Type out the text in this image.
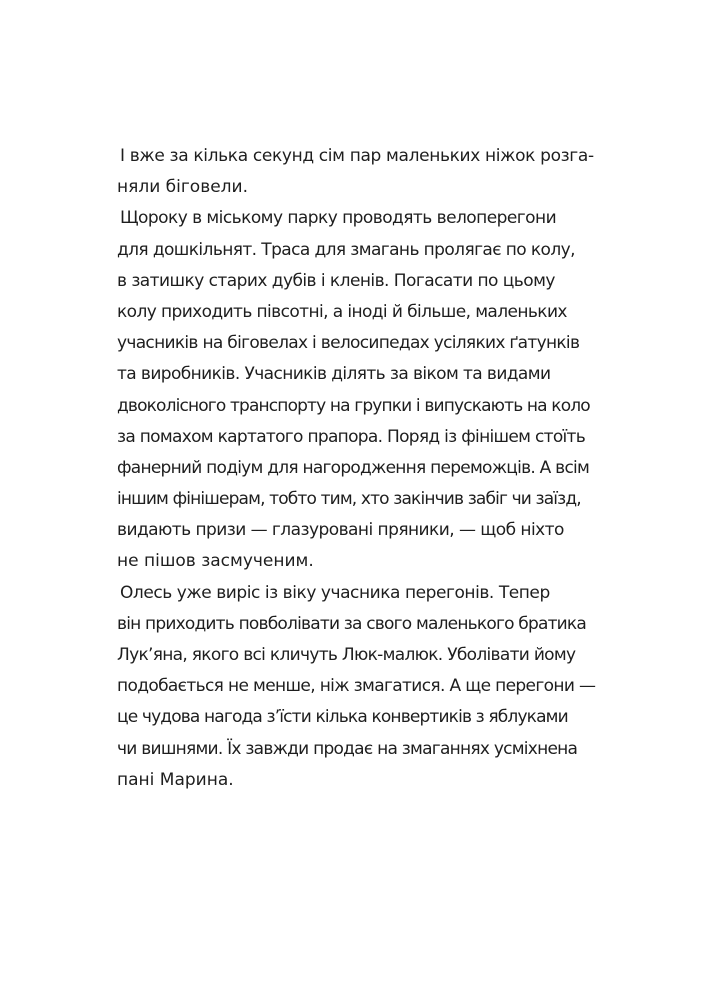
І вже за кілька секунд сім пар маленьких ніжок розга-
няли біговели.
Щороку в міському парку проводять велоперегони
для дошкільнят. Траса для змагань пролягає по колу,
в затишку старих дубів і кленів. Погасати по цьому
колу приходить півсотні, а іноді й більше, маленьких
учасників на біговелах і велосипедах усіляких ґатунків
та виробників. Учасників ділять за віком та видами
двоколісного транспорту на групки і випускають на коло
за помахом картатого прапора. Поряд із фінішем стоїть
фанерний подіум для нагородження переможців. А всім
іншим фінішерам, тобто тим, хто закінчив забіг чи заїзд,
видають призи — глазуровані пряники, — щоб ніхто
не пішов засмученим.
Олесь уже виріс із віку учасника перегонів. Тепер
він приходить повболівати за свого маленького братика
Лук’яна, якого всі кличуть Люк-малюк. Уболівати йому
подобається не менше, ніж змагатися. А ще перегони —
це чудова нагода з’їсти кілька конвертиків з яблуками
чи вишнями. Їх завжди продає на змаганнях усміхнена
пані Марина.
